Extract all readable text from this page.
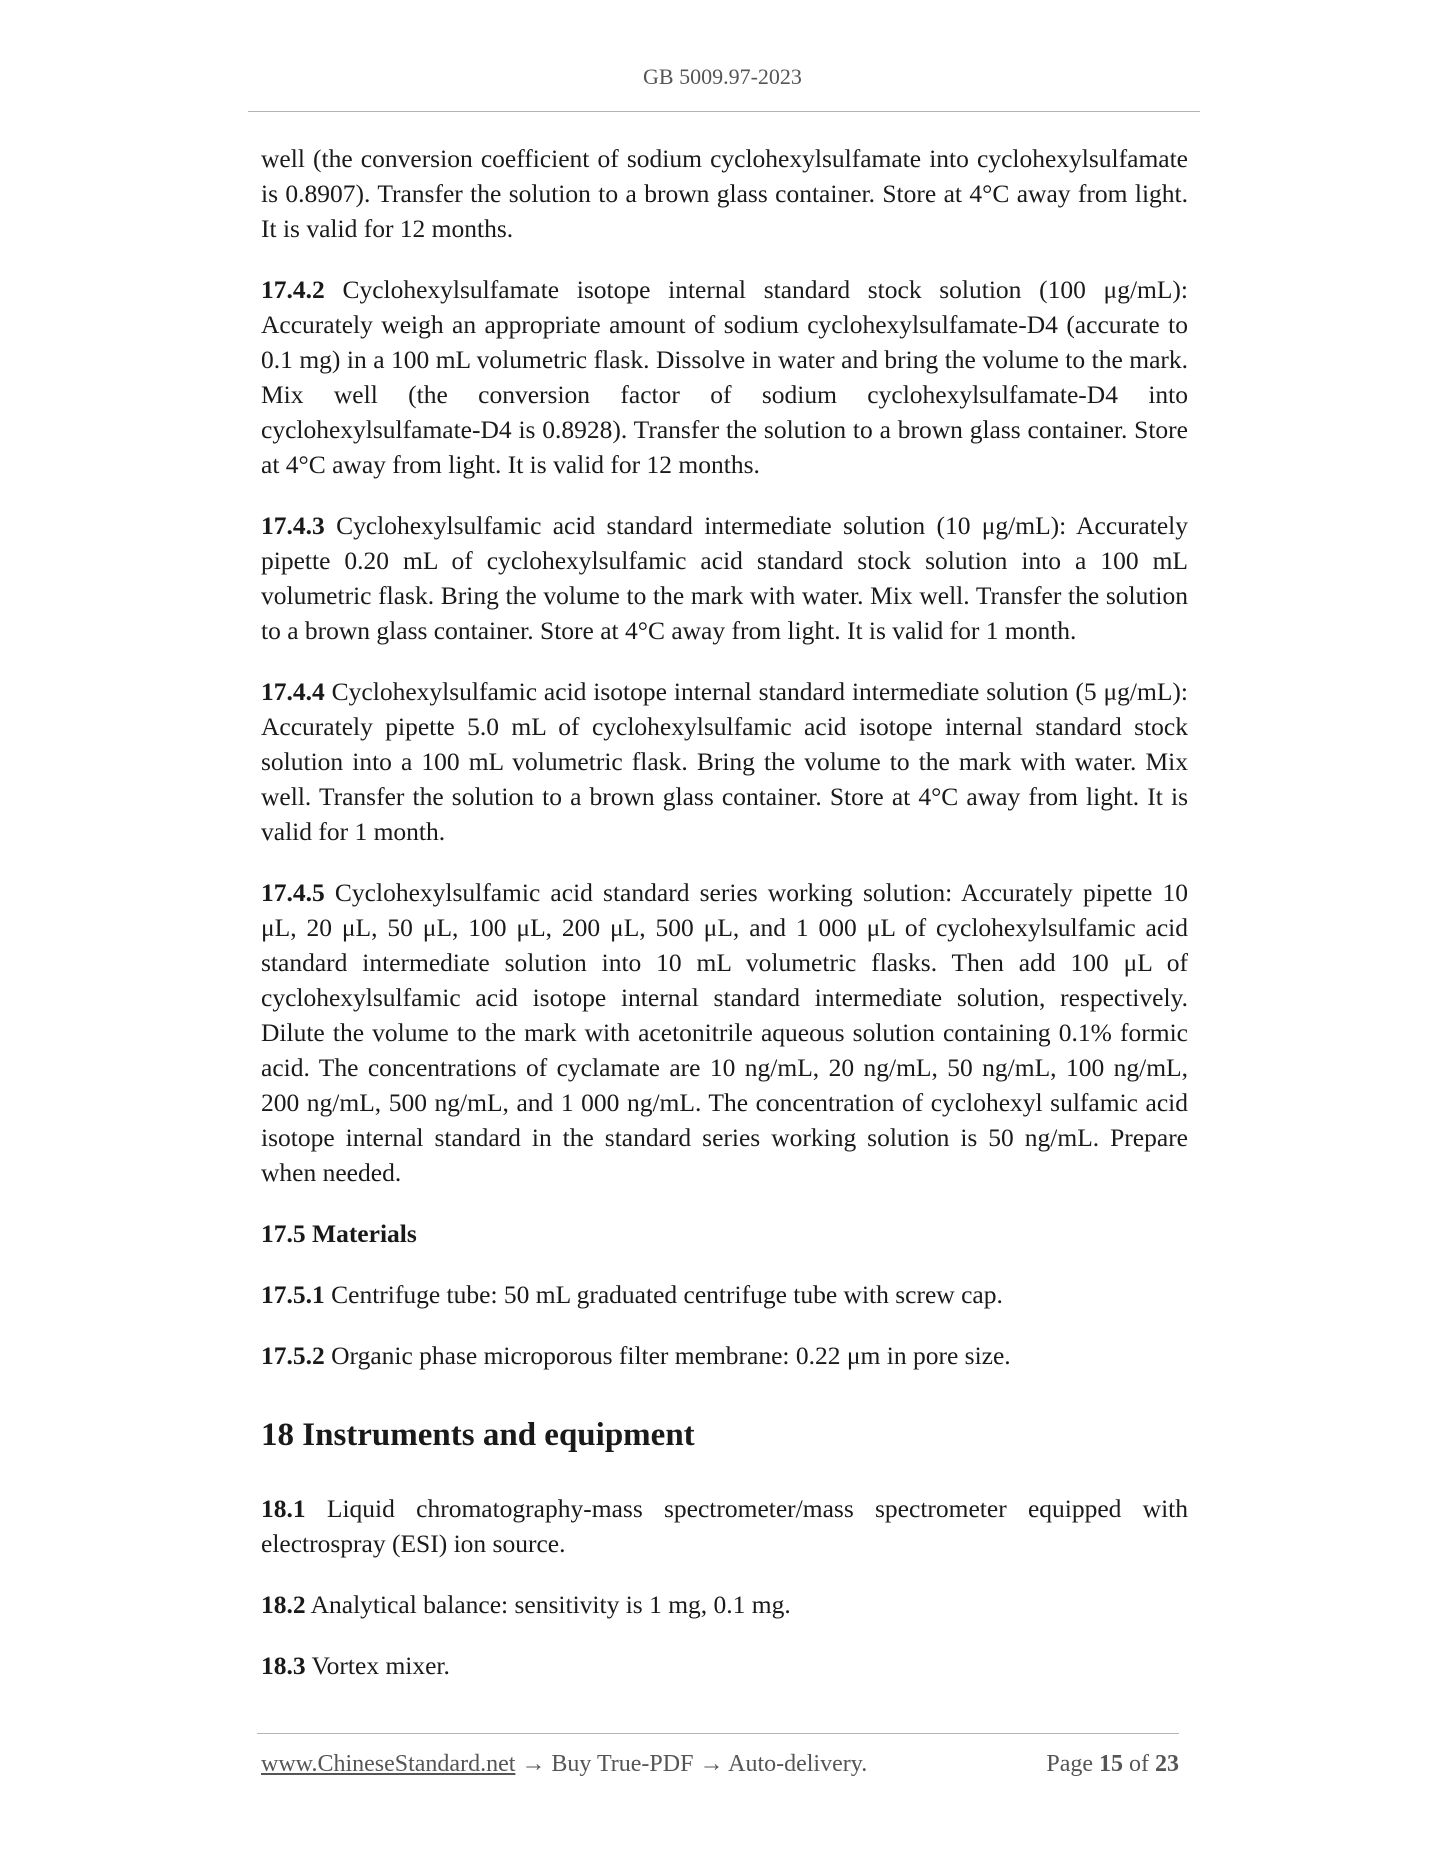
GB 5009.97-2023

well (the conversion coefficient of sodium cyclohexylsulfamate into cyclohexylsulfamate is 0.8907). Transfer the solution to a brown glass container. Store at 4°C away from light. It is valid for 12 months.

17.4.2 Cyclohexylsulfamate isotope internal standard stock solution (100 μg/mL): Accurately weigh an appropriate amount of sodium cyclohexylsulfamate-D4 (accurate to 0.1 mg) in a 100 mL volumetric flask. Dissolve in water and bring the volume to the mark. Mix well (the conversion factor of sodium cyclohexylsulfamate-D4 into cyclohexylsulfamate-D4 is 0.8928). Transfer the solution to a brown glass container. Store at 4°C away from light. It is valid for 12 months.

17.4.3 Cyclohexylsulfamic acid standard intermediate solution (10 μg/mL): Accurately pipette 0.20 mL of cyclohexylsulfamic acid standard stock solution into a 100 mL volumetric flask. Bring the volume to the mark with water. Mix well. Transfer the solution to a brown glass container. Store at 4°C away from light. It is valid for 1 month.

17.4.4 Cyclohexylsulfamic acid isotope internal standard intermediate solution (5 μg/mL): Accurately pipette 5.0 mL of cyclohexylsulfamic acid isotope internal standard stock solution into a 100 mL volumetric flask. Bring the volume to the mark with water. Mix well. Transfer the solution to a brown glass container. Store at 4°C away from light. It is valid for 1 month.

17.4.5 Cyclohexylsulfamic acid standard series working solution: Accurately pipette 10 μL, 20 μL, 50 μL, 100 μL, 200 μL, 500 μL, and 1 000 μL of cyclohexylsulfamic acid standard intermediate solution into 10 mL volumetric flasks. Then add 100 μL of cyclohexylsulfamic acid isotope internal standard intermediate solution, respectively. Dilute the volume to the mark with acetonitrile aqueous solution containing 0.1% formic acid. The concentrations of cyclamate are 10 ng/mL, 20 ng/mL, 50 ng/mL, 100 ng/mL, 200 ng/mL, 500 ng/mL, and 1 000 ng/mL. The concentration of cyclohexyl sulfamic acid isotope internal standard in the standard series working solution is 50 ng/mL. Prepare when needed.

17.5 Materials

17.5.1 Centrifuge tube: 50 mL graduated centrifuge tube with screw cap.

17.5.2 Organic phase microporous filter membrane: 0.22 μm in pore size.

18 Instruments and equipment

18.1 Liquid chromatography-mass spectrometer/mass spectrometer equipped with electrospray (ESI) ion source.

18.2 Analytical balance: sensitivity is 1 mg, 0.1 mg.

18.3 Vortex mixer.

www.ChineseStandard.net → Buy True-PDF → Auto-delivery.	Page 15 of 23
